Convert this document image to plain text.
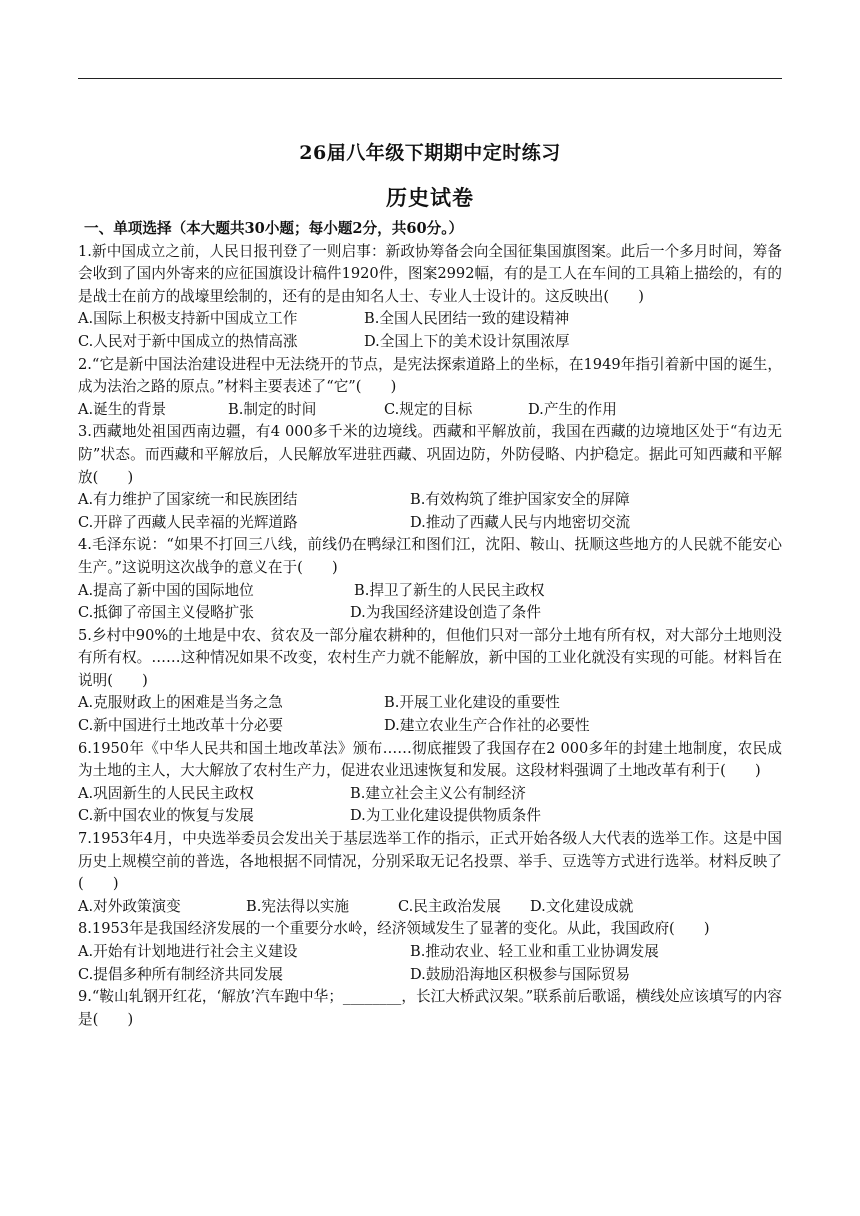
26届八年级下期期中定时练习
历史试卷
一、单项选择（本大题共30小题；每小题2分，共60分。）
1.新中国成立之前，人民日报刊登了一则启事：新政协筹备会向全国征集国旗图案。此后一个多月时间，筹备会收到了国内外寄来的应征国旗设计稿件1920件，图案2992幅，有的是工人在车间的工具箱上描绘的，有的是战士在前方的战壕里绘制的，还有的是由知名人士、专业人士设计的。这反映出(　　)
A.国际上积极支持新中国成立工作	B.全国人民团结一致的建设精神
C.人民对于新中国成立的热情高涨	D.全国上下的美术设计氛围浓厚
2.“它是新中国法治建设进程中无法绕开的节点，是宪法探索道路上的坐标，在1949年指引着新中国的诞生，成为法治之路的原点。”材料主要表述了“它”(　　)
A.诞生的背景	B.制定的时间	C.规定的目标	D.产生的作用
3.西藏地处祖国西南边疆，有4 000多千米的边境线。西藏和平解放前，我国在西藏的边境地区处于“有边无防”状态。而西藏和平解放后，人民解放军进驻西藏、巩固边防，外防侵略、内护稳定。据此可知西藏和平解放(　　)
A.有力维护了国家统一和民族团结	B.有效构筑了维护国家安全的屏障
C.开辟了西藏人民幸福的光辉道路	D.推动了西藏人民与内地密切交流
4.毛泽东说：“如果不打回三八线，前线仍在鸭绿江和图们江，沈阳、鞍山、抚顺这些地方的人民就不能安心生产。”这说明这次战争的意义在于(　　)
A.提高了新中国的国际地位	B.捍卫了新生的人民民主政权
C.抵御了帝国主义侵略扩张	D.为我国经济建设创造了条件
5.乡村中90%的土地是中农、贫农及一部分雇农耕种的，但他们只对一部分土地有所有权，对大部分土地则没有所有权。……这种情况如果不改变，农村生产力就不能解放，新中国的工业化就没有实现的可能。材料旨在说明(　　)
A.克服财政上的困难是当务之急	B.开展工业化建设的重要性
C.新中国进行土地改革十分必要	D.建立农业生产合作社的必要性
6.1950年《中华人民共和国土地改革法》颁布……彻底摧毁了我国存在2 000多年的封建土地制度，农民成为土地的主人，大大解放了农村生产力，促进农业迅速恢复和发展。这段材料强调了土地改革有利于(　　)
A.巩固新生的人民民主政权	B.建立社会主义公有制经济
C.新中国农业的恢复与发展	D.为工业化建设提供物质条件
7.1953年4月，中央选举委员会发出关于基层选举工作的指示，正式开始各级人大代表的选举工作。这是中国历史上规模空前的普选，各地根据不同情况，分别采取无记名投票、举手、豆选等方式进行选举。材料反映了(　　)
A.对外政策演变	B.宪法得以实施	C.民主政治发展 D.文化建设成就
8.1953年是我国经济发展的一个重要分水岭，经济领域发生了显著的变化。从此，我国政府(　　)
A.开始有计划地进行社会主义建设	B.推动农业、轻工业和重工业协调发展
C.提倡多种所有制经济共同发展	D.鼓励沿海地区积极参与国际贸易
9.“鞍山轧钢开红花，‘解放’汽车跑中华；________，长江大桥武汉架。”联系前后歌谣，横线处应该填写的内容是(　　)
